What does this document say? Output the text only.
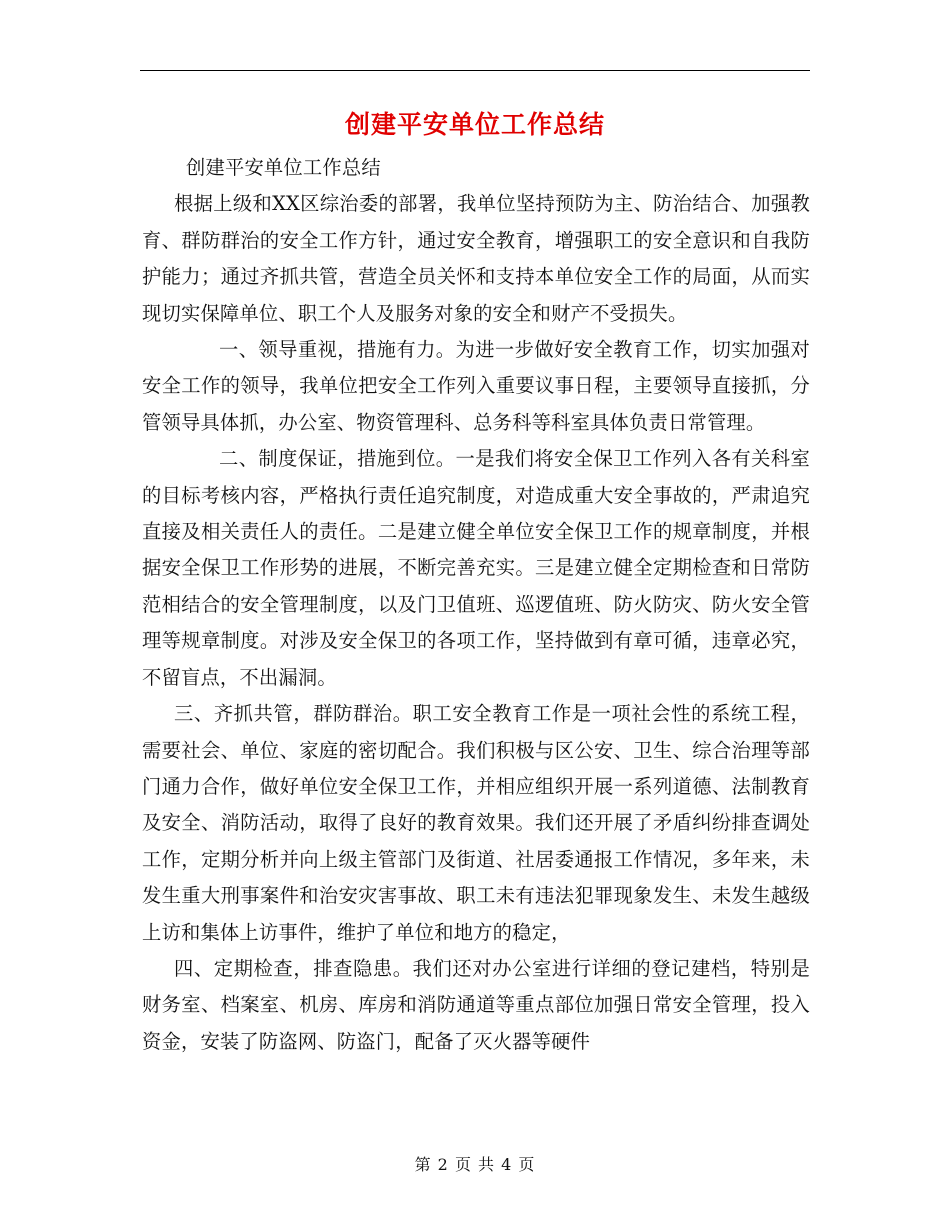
创建平安单位工作总结

创建平安单位工作总结

根据上级和XX区综治委的部署，我单位坚持预防为主、防治结合、加强教育、群防群治的安全工作方针，通过安全教育，增强职工的安全意识和自我防护能力；通过齐抓共管，营造全员关怀和支持本单位安全工作的局面，从而实现切实保障单位、职工个人及服务对象的安全和财产不受损失。

一、领导重视，措施有力。为进一步做好安全教育工作，切实加强对安全工作的领导，我单位把安全工作列入重要议事日程，主要领导直接抓，分管领导具体抓，办公室、物资管理科、总务科等科室具体负责日常管理。

二、制度保证，措施到位。一是我们将安全保卫工作列入各有关科室的目标考核内容，严格执行责任追究制度，对造成重大安全事故的，严肃追究直接及相关责任人的责任。二是建立健全单位安全保卫工作的规章制度，并根据安全保卫工作形势的进展，不断完善充实。三是建立健全定期检查和日常防范相结合的安全管理制度，以及门卫值班、巡逻值班、防火防灾、防火安全管理等规章制度。对涉及安全保卫的各项工作，坚持做到有章可循，违章必究，不留盲点，不出漏洞。

三、齐抓共管，群防群治。职工安全教育工作是一项社会性的系统工程，需要社会、单位、家庭的密切配合。我们积极与区公安、卫生、综合治理等部门通力合作，做好单位安全保卫工作，并相应组织开展一系列道德、法制教育及安全、消防活动，取得了良好的教育效果。我们还开展了矛盾纠纷排查调处工作，定期分析并向上级主管部门及街道、社居委通报工作情况，多年来，未发生重大刑事案件和治安灾害事故、职工未有违法犯罪现象发生、未发生越级上访和集体上访事件，维护了单位和地方的稳定，

四、定期检查，排查隐患。我们还对办公室进行详细的登记建档，特别是财务室、档案室、机房、库房和消防通道等重点部位加强日常安全管理，投入资金，安装了防盗网、防盗门，配备了灭火器等硬件

第 2 页 共 4 页
